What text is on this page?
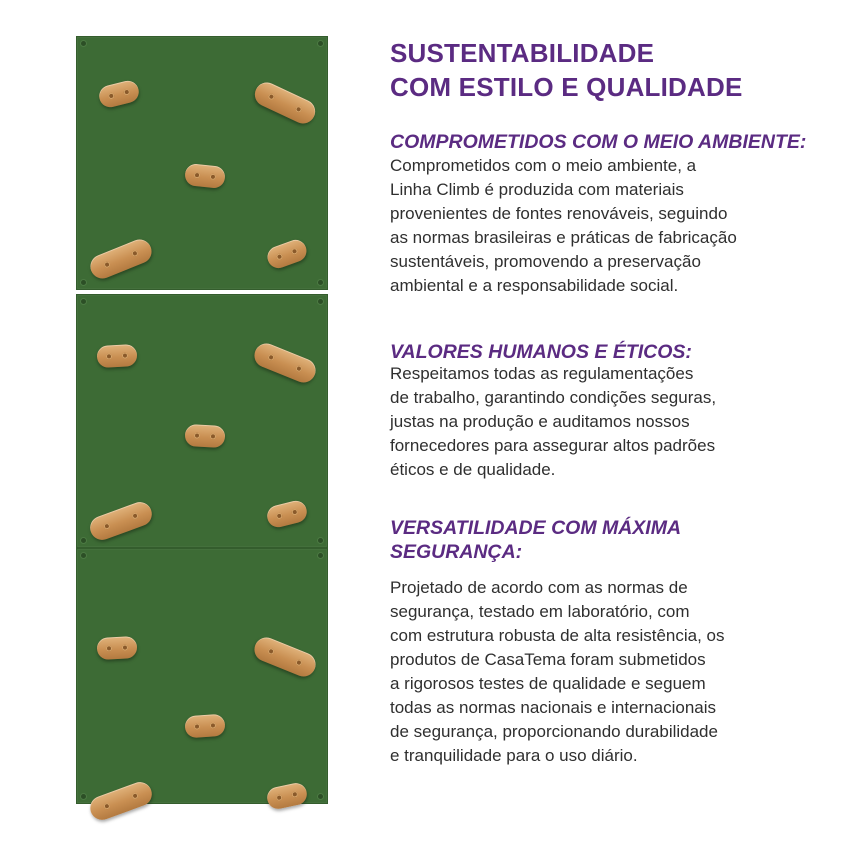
SUSTENTABILIDADE
COM ESTILO E QUALIDADE
COMPROMETIDOS COM O MEIO AMBIENTE:
Comprometidos com o meio ambiente, a
Linha Climb é produzida com materiais
provenientes de fontes renováveis, seguindo
as normas brasileiras e práticas de fabricação
sustentáveis, promovendo a preservação
ambiental e a responsabilidade social.
VALORES HUMANOS E ÉTICOS:
Respeitamos todas as regulamentações
de trabalho, garantindo condições seguras,
justas na produção e auditamos nossos
fornecedores para assegurar altos padrões
éticos e de qualidade.
VERSATILIDADE COM MÁXIMA
SEGURANÇA:
Projetado de acordo com as normas de
segurança, testado em laboratório, com
com estrutura robusta de alta resistência, os
produtos de CasaTema foram submetidos
a rigorosos testes de qualidade e seguem
todas as normas nacionais e internacionais
de segurança, proporcionando durabilidade
e tranquilidade para o uso diário.
